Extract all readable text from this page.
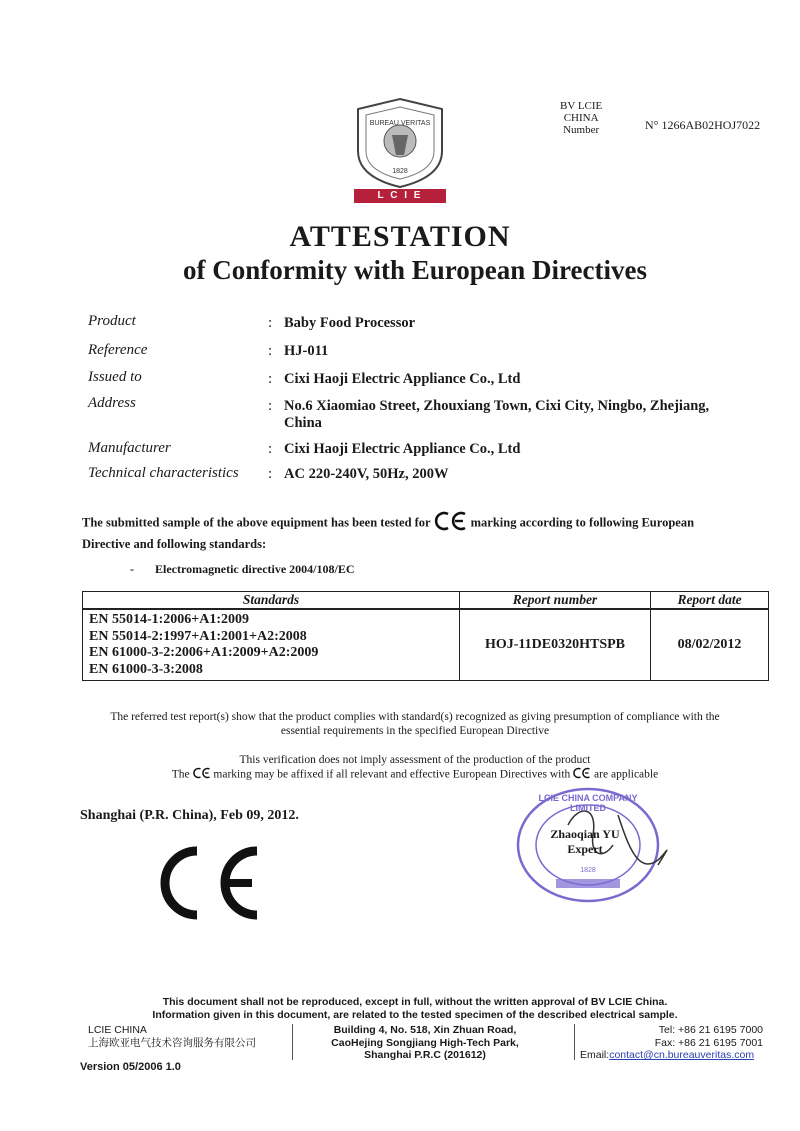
BUREAU VERITAS
1828
L C I E
BV LCIE
CHINA
Number	N° 1266AB02HOJ7022
ATTESTATION
of Conformity with European Directives
Product	: Baby Food Processor
Reference	: HJ-011
Issued to	: Cixi Haoji Electric Appliance Co., Ltd
Address	: No.6 Xiaomiao Street, Zhouxiang Town, Cixi City, Ningbo, Zhejiang,
China
Manufacturer	: Cixi Haoji Electric Appliance Co., Ltd
Technical characteristics : AC 220-240V, 50Hz, 200W
The submitted sample of the above equipment has been tested for	marking according to following European
Directive and following standards:
- Electromagnetic directive 2004/108/EC
Standards	Report number	Report date

EN 55014-1:2006+A1:2009
EN 55014-2:1997+A1:2001+A2:2008
EN 61000-3-2:2006+A1:2009+A2:2009
EN 61000-3-3:2008	HOJ-11DE0320HTSPB	08/02/2012
The referred test report(s) show that the product complies with standard(s) recognized as giving presumption of compliance with the
essential requirements in the specified European Directive
This verification does not imply assessment of the production of the product
The marking may be affixed if all relevant and effective European Directives with are applicable
Shanghai (P.R. China), Feb 09, 2012.
LCIE CHINA COMPANY LIMITED
1828
Zhaoqian YU
Expert
This document shall not be reproduced, except in full, without the written approval of BV LCIE China.
Information given in this document, are related to the tested specimen of the described electrical sample.
LCIE CHINA
上海欧亚电气技术咨询服务有限公司
Building 4, No. 518, Xin Zhuan Road,
CaoHejing Songjiang High-Tech Park,
Shanghai P.R.C (201612)
Tel: +86 21 6195 7000
Fax: +86 21 6195 7001
Email:contact@cn.bureauveritas.com
Version 05/2006 1.0
